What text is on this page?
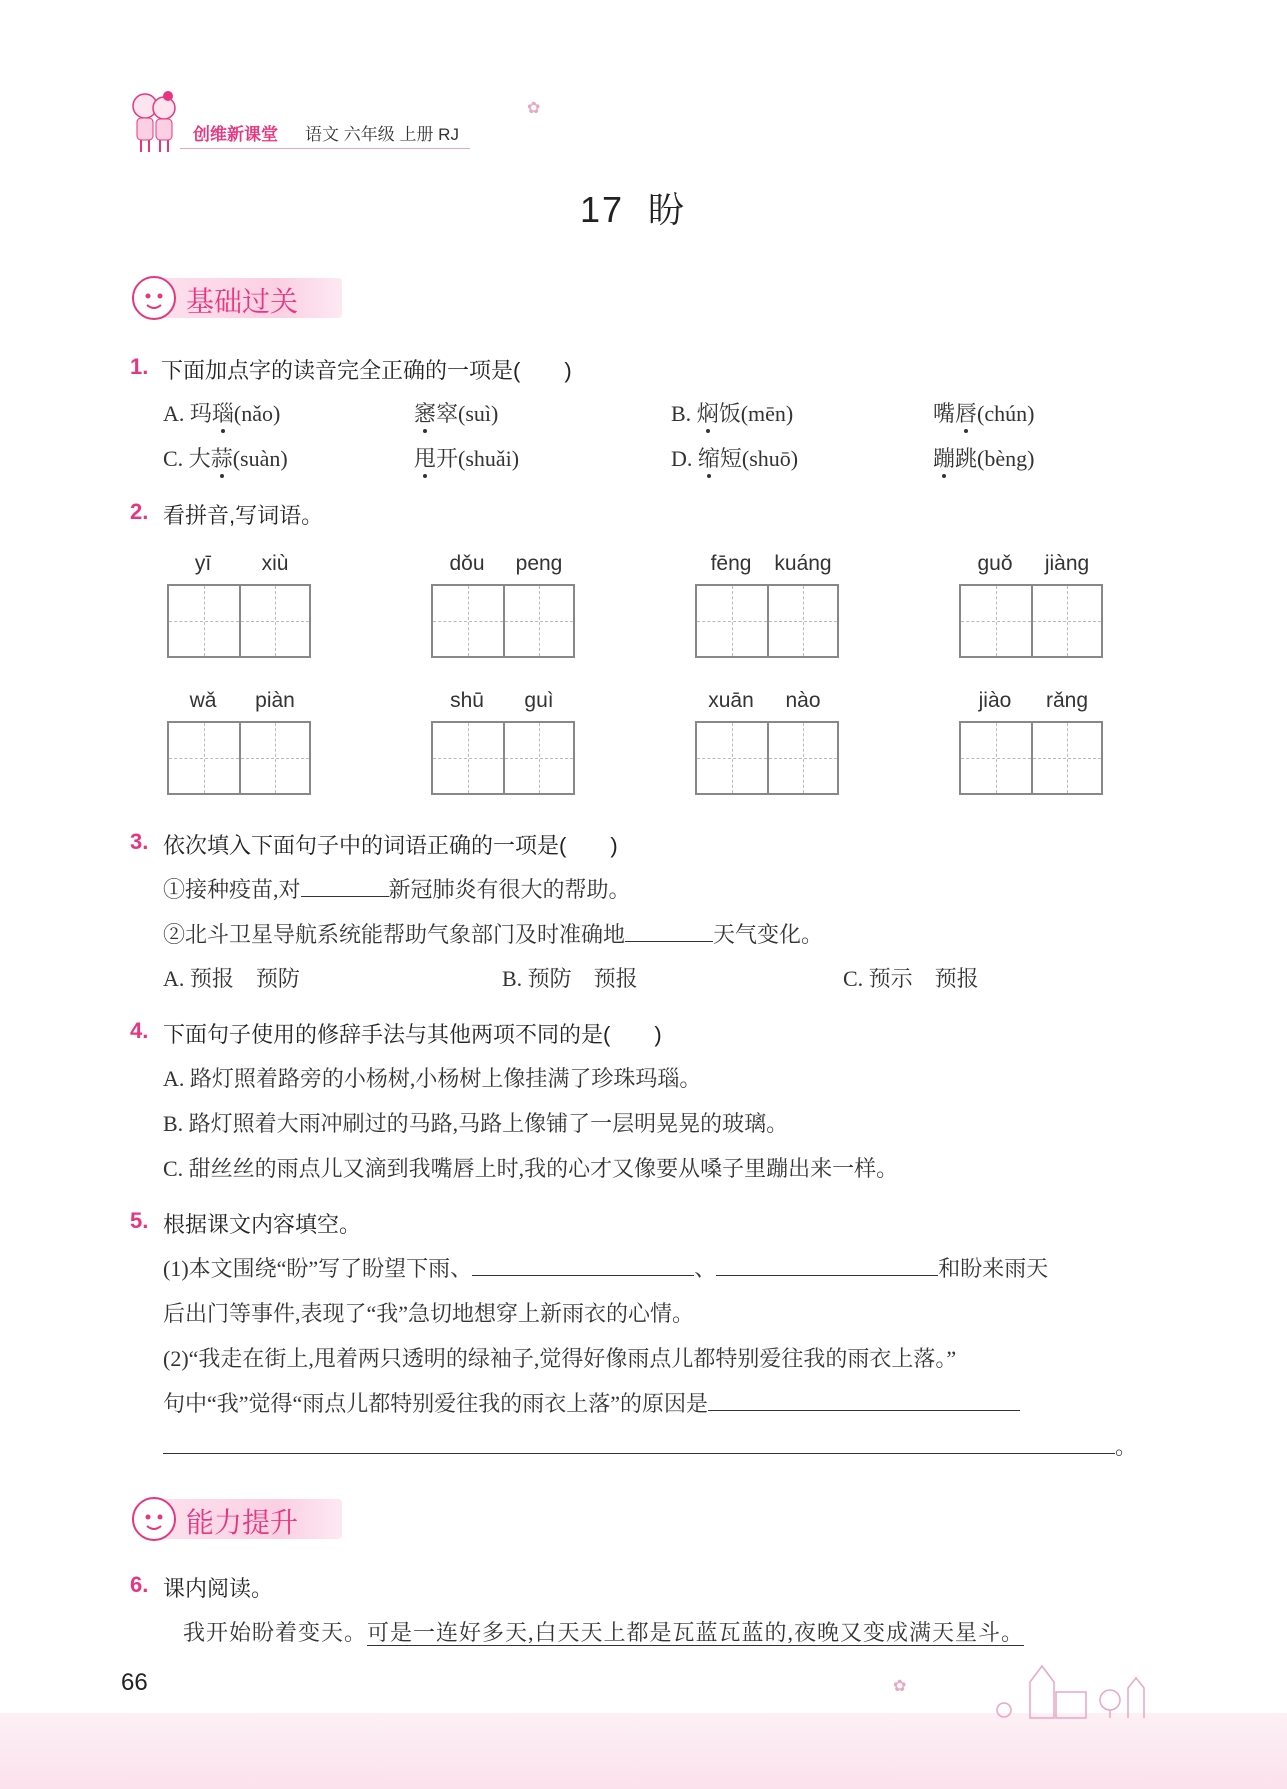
创维新课堂 语文 六年级 上册 RJ
✿
17  盼
基础过关
1. 下面加点字的读音完全正确的一项是(　　)
A. 玛瑙(nǎo)	窸窣(suì)	B. 焖饭(mēn)	嘴唇(chún)
C. 大蒜(suàn)	甩开(shuǎi)	D. 缩短(shuō)	蹦跳(bèng)
2. 看拼音,写词语。
yī	xiù	dǒu	peng	fēng	kuáng	guǒ	jiàng
wǎ	piàn	shū	guì	xuān	nào	jiào	rǎng
3. 依次填入下面句子中的词语正确的一项是(　　)
①接种疫苗,对	新冠肺炎有很大的帮助。
②北斗卫星导航系统能帮助气象部门及时准确地	天气变化。
A. 预报　预防	B. 预防　预报	C. 预示　预报
4. 下面句子使用的修辞手法与其他两项不同的是(　　)
A. 路灯照着路旁的小杨树,小杨树上像挂满了珍珠玛瑙。
B. 路灯照着大雨冲刷过的马路,马路上像铺了一层明晃晃的玻璃。
C. 甜丝丝的雨点儿又滴到我嘴唇上时,我的心才又像要从嗓子里蹦出来一样。
5. 根据课文内容填空。
(1)本文围绕“盼”写了盼望下雨、	、	和盼来雨天
后出门等事件,表现了“我”急切地想穿上新雨衣的心情。
(2)“我走在街上,甩着两只透明的绿袖子,觉得好像雨点儿都特别爱往我的雨衣上落。”
句中“我”觉得“雨点儿都特别爱往我的雨衣上落”的原因是
。
能力提升
6. 课内阅读。
我开始盼着变天。可是一连好多天,白天天上都是瓦蓝瓦蓝的,夜晚又变成满天星斗。
66	✿
